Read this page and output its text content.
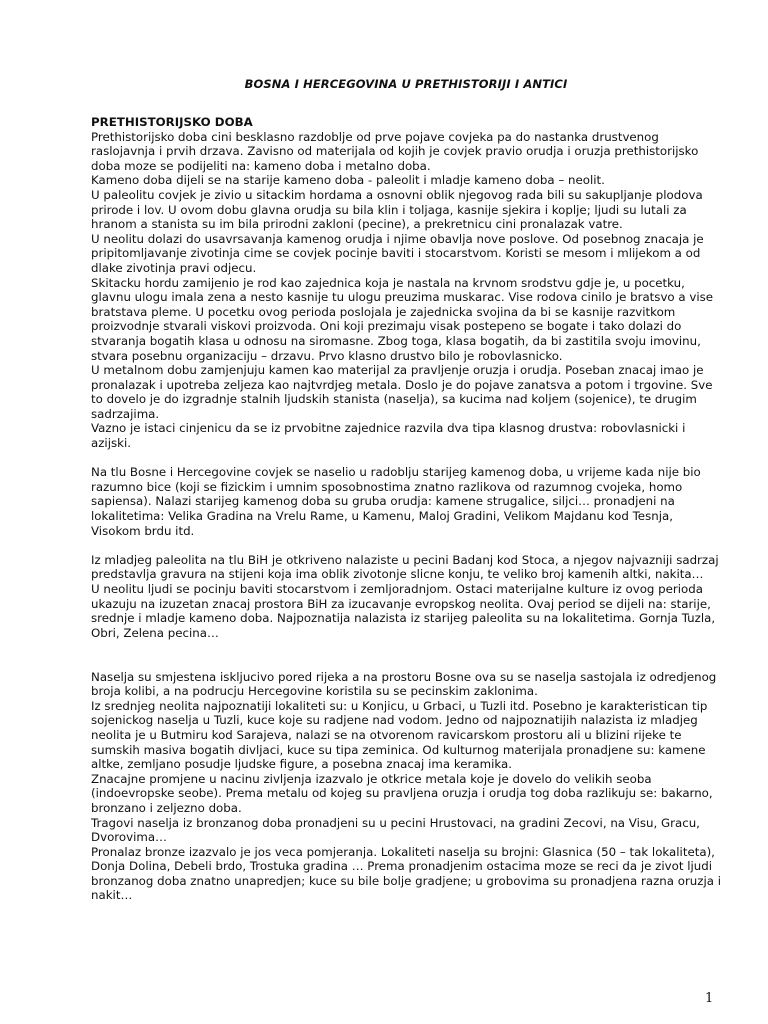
BOSNA I HERCEGOVINA U PRETHISTORIJI I ANTICI

PRETHISTORIJSKO DOBA

Prethistorijsko doba cini besklasno razdoblje od prve pojave covjeka pa do nastanka drustvenog raslojavnja i prvih drzava. Zavisno od materijala od kojih je covjek pravio orudja i oruzja prethistorijsko doba moze se podijeliti na: kameno doba i metalno doba.

Kameno doba dijeli se na starije kameno doba - paleolit i mladje kameno doba – neolit.

U paleolitu covjek je zivio u sitackim hordama a osnovni oblik njegovog rada bili su sakupljanje plodova prirode i lov. U ovom dobu glavna orudja su bila klin i toljaga, kasnije sjekira i koplje; ljudi su lutali za hranom a stanista su im bila prirodni zakloni (pecine), a prekretnicu cini pronalazak vatre.

U neolitu dolazi do usavrsavanja kamenog orudja i njime obavlja nove poslove. Od posebnog znacaja je pripitomljavanje zivotinja cime se covjek pocinje baviti i stocarstvom. Koristi se mesom i mlijekom a od dlake zivotinja pravi odjecu.

Skitacku hordu zamijenio je rod kao zajednica koja je nastala na krvnom srodstvu gdje je, u pocetku, glavnu ulogu imala zena a nesto kasnije tu ulogu preuzima muskarac. Vise rodova cinilo je bratsvo a vise bratstava pleme. U pocetku ovog perioda poslojala je zajednicka svojina da bi se kasnije razvitkom proizvodnje stvarali viskovi proizvoda. Oni koji prezimaju visak postepeno se bogate i tako dolazi do stvaranja bogatih klasa u odnosu na siromasne. Zbog toga, klasa bogatih, da bi zastitila svoju imovinu, stvara posebnu organizaciju – drzavu. Prvo klasno drustvo bilo je robovlasnicko.

U metalnom dobu zamjenjuju kamen kao materijal za pravljenje oruzja i orudja. Poseban znacaj imao je pronalazak i upotreba zeljeza kao najtvrdjeg metala. Doslo je do pojave zanatsva a potom i trgovine. Sve to dovelo je do izgradnje stalnih ljudskih stanista (naselja), sa kucima nad koljem (sojenice), te drugim sadrzajima.

Vazno je istaci cinjenicu da se iz prvobitne zajednice razvila dva tipa klasnog drustva: robovlasnicki i azijski.

Na tlu Bosne i Hercegovine covjek se naselio u radoblju starijeg kamenog doba, u vrijeme kada nije bio razumno bice (koji se fizickim i umnim sposobnostima znatno razlikova od razumnog cvojeka, homo sapiensa). Nalazi starijeg kamenog doba su gruba orudja: kamene strugalice, siljci… pronadjeni na lokalitetima: Velika Gradina na Vrelu Rame, u Kamenu, Maloj Gradini, Velikom Majdanu kod Tesnja, Visokom brdu itd.

Iz mladjeg paleolita na tlu BiH je otkriveno nalaziste u pecini Badanj kod Stoca, a njegov najvazniji sadrzaj predstavlja gravura na stijeni koja ima oblik zivotonje slicne konju, te veliko broj kamenih altki, nakita…

U neolitu ljudi se pocinju baviti stocarstvom i zemljoradnjom. Ostaci materijalne kulture iz ovog perioda ukazuju na izuzetan znacaj prostora BiH za izucavanje evropskog neolita. Ovaj period se dijeli na: starije, srednje i mladje kameno doba. Najpoznatija nalazista iz starijeg paleolita su na lokalitetima. Gornja Tuzla, Obri, Zelena pecina…

Naselja su smjestena iskljucivo pored rijeka a na prostoru Bosne ova su se naselja sastojala iz odredjenog broja kolibi, a na podrucju Hercegovine koristila su se pecinskim zaklonima.

Iz srednjeg neolita najpoznatiji lokaliteti su: u Konjicu, u Grbaci, u Tuzli itd. Posebno je karakteristican tip sojenickog naselja u Tuzli, kuce koje su radjene nad vodom. Jedno od najpoznatijih nalazista iz mladjeg neolita je u Butmiru kod Sarajeva, nalazi se na otvorenom ravicarskom prostoru ali u blizini rijeke te sumskih masiva bogatih divljaci, kuce su tipa zeminica. Od kulturnog materijala pronadjene su: kamene altke, zemljano posudje ljudske figure, a posebna znacaj ima keramika.

Znacajne promjene u nacinu zivljenja izazvalo je otkrice metala koje je dovelo do velikih seoba (indoevropske seobe). Prema metalu od kojeg su pravljena oruzja i orudja tog doba razlikuju se: bakarno, bronzano i zeljezno doba.

Tragovi naselja iz bronzanog doba pronadjeni su u pecini Hrustovaci, na gradini Zecovi, na Visu, Gracu, Dvorovima…

Pronalaz bronze izazvalo je jos veca pomjeranja. Lokaliteti naselja su brojni: Glasnica (50 – tak lokaliteta), Donja Dolina, Debeli brdo, Trostuka gradina … Prema pronadjenim ostacima moze se reci da je zivot ljudi bronzanog doba znatno unapredjen; kuce su bile bolje gradjene; u grobovima su pronadjena razna oruzja i nakit…

1
